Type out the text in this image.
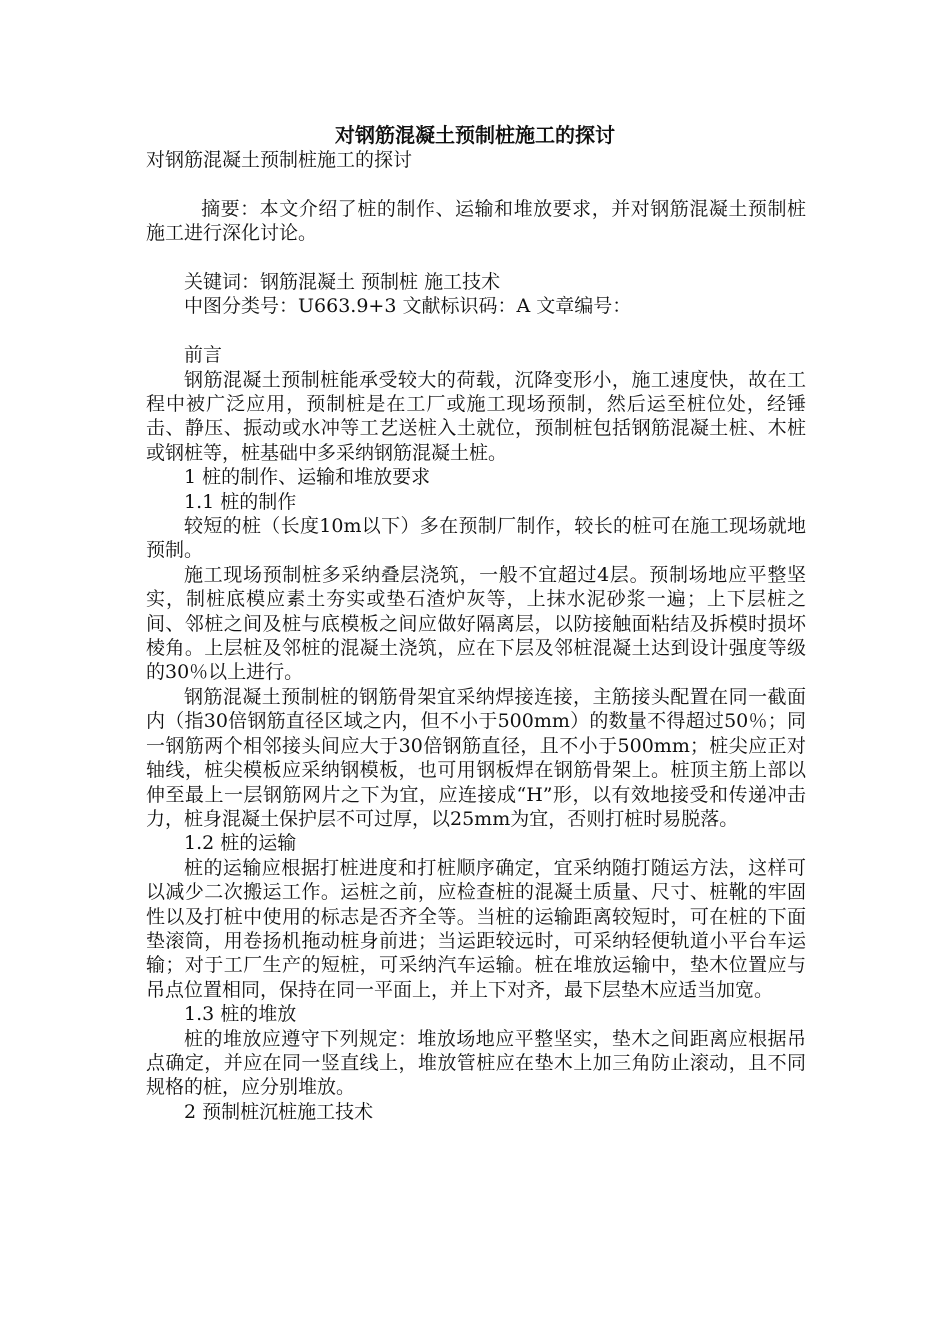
对钢筋混凝土预制桩施工的探讨

对钢筋混凝土预制桩施工的探讨

摘要：本文介绍了桩的制作、运输和堆放要求，并对钢筋混凝土预制桩施工进行深化讨论。

关键词：钢筋混凝土 预制桩 施工技术

中图分类号：U663.9+3 文献标识码：A 文章编号：

前言

钢筋混凝土预制桩能承受较大的荷载，沉降变形小，施工速度快，故在工程中被广泛应用，预制桩是在工厂或施工现场预制，然后运至桩位处，经锤击、静压、振动或水冲等工艺送桩入土就位，预制桩包括钢筋混凝土桩、木桩或钢桩等，桩基础中多采纳钢筋混凝土桩。

1 桩的制作、运输和堆放要求

1.1 桩的制作

较短的桩（长度10m以下）多在预制厂制作，较长的桩可在施工现场就地预制。

施工现场预制桩多采纳叠层浇筑，一般不宜超过4层。预制场地应平整坚实，制桩底模应素土夯实或垫石渣炉灰等，上抹水泥砂浆一遍；上下层桩之间、邻桩之间及桩与底模板之间应做好隔离层，以防接触面粘结及拆模时损坏棱角。上层桩及邻桩的混凝土浇筑，应在下层及邻桩混凝土达到设计强度等级的30％以上进行。

钢筋混凝土预制桩的钢筋骨架宜采纳焊接连接，主筋接头配置在同一截面内（指30倍钢筋直径区域之内，但不小于500mm）的数量不得超过50％；同一钢筋两个相邻接头间应大于30倍钢筋直径，且不小于500mm；桩尖应正对轴线，桩尖模板应采纳钢模板，也可用钢板焊在钢筋骨架上。桩顶主筋上部以伸至最上一层钢筋网片之下为宜，应连接成“H”形，以有效地接受和传递冲击力，桩身混凝土保护层不可过厚，以25mm为宜，否则打桩时易脱落。

1.2 桩的运输

桩的运输应根据打桩进度和打桩顺序确定，宜采纳随打随运方法，这样可以减少二次搬运工作。运桩之前，应检查桩的混凝土质量、尺寸、桩靴的牢固性以及打桩中使用的标志是否齐全等。当桩的运输距离较短时，可在桩的下面垫滚筒，用卷扬机拖动桩身前进；当运距较远时，可采纳轻便轨道小平台车运输；对于工厂生产的短桩，可采纳汽车运输。桩在堆放运输中，垫木位置应与吊点位置相同，保持在同一平面上，并上下对齐，最下层垫木应适当加宽。

1.3 桩的堆放

桩的堆放应遵守下列规定：堆放场地应平整坚实，垫木之间距离应根据吊点确定，并应在同一竖直线上，堆放管桩应在垫木上加三角防止滚动，且不同规格的桩，应分别堆放。

2 预制桩沉桩施工技术
